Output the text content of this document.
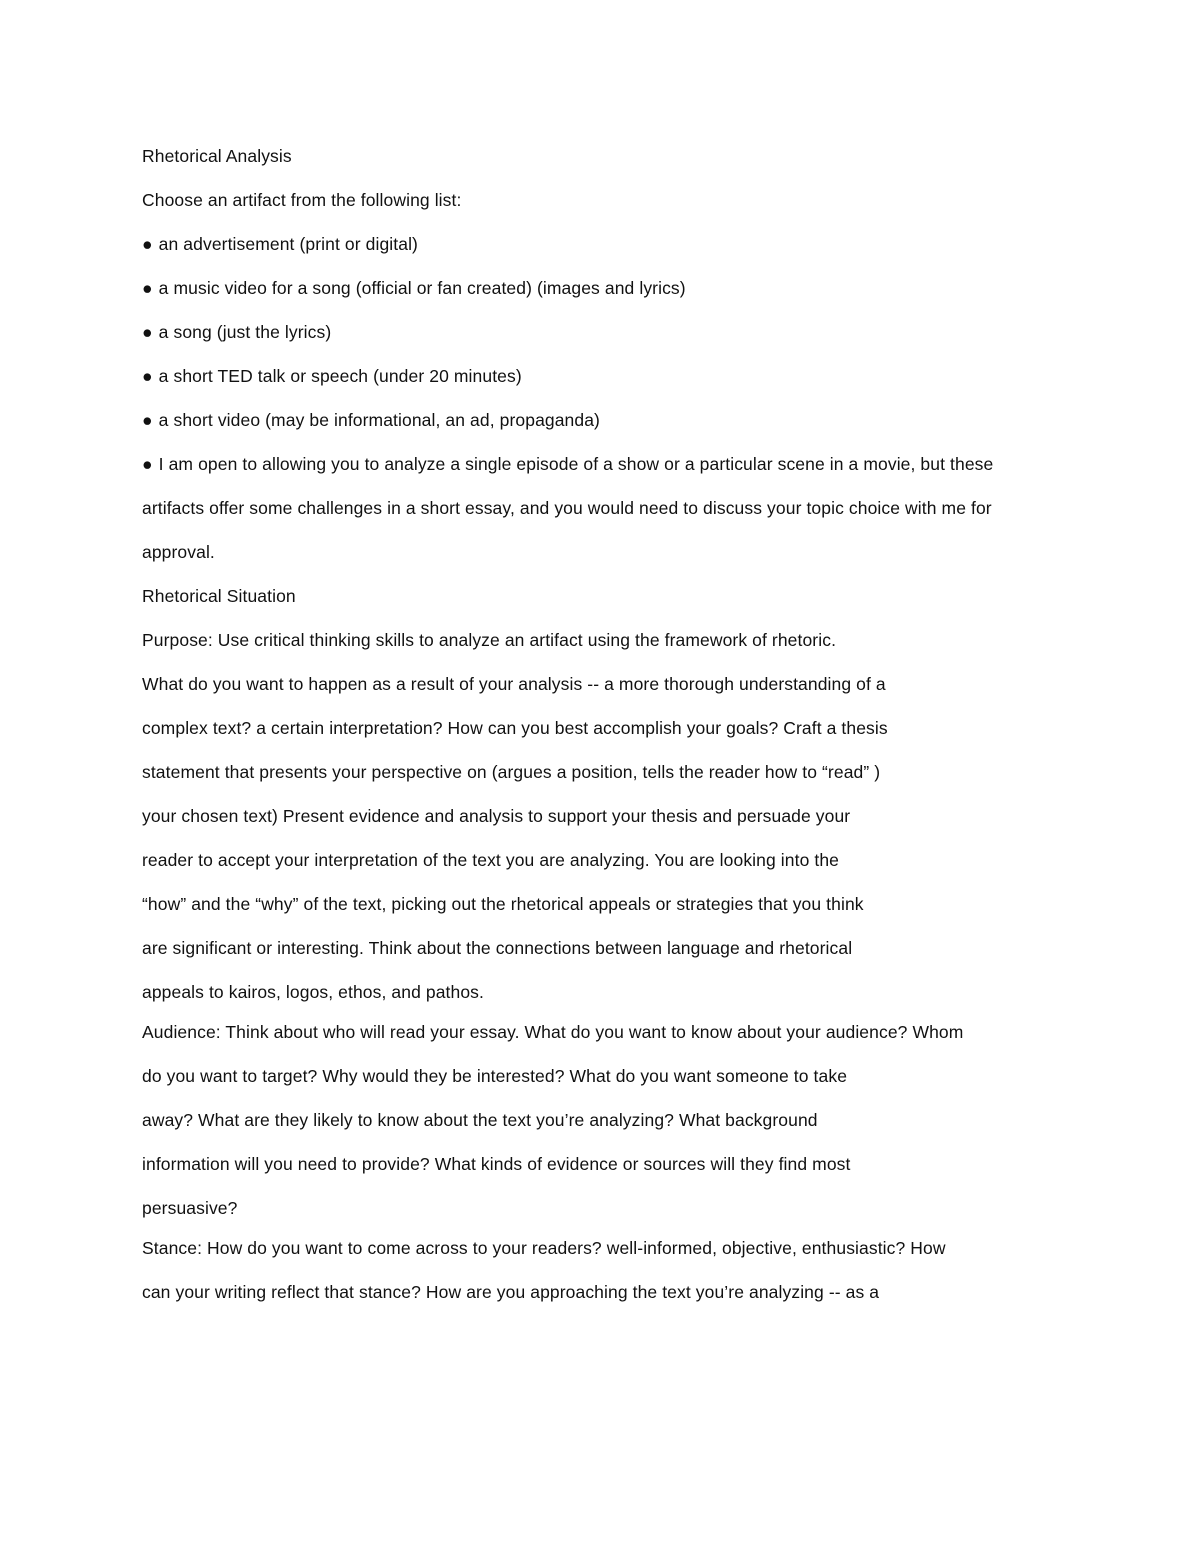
Rhetorical Analysis

Choose an artifact from the following list:

● an advertisement (print or digital)

● a music video for a song (official or fan created) (images and lyrics)

● a song (just the lyrics)

● a short TED talk or speech (under 20 minutes)

● a short video (may be informational, an ad, propaganda)

● I am open to allowing you to analyze a single episode of a show or a particular scene in a movie, but these

artifacts offer some challenges in a short essay, and you would need to discuss your topic choice with me for

approval.

Rhetorical Situation

Purpose: Use critical thinking skills to analyze an artifact using the framework of rhetoric.

What do you want to happen as a result of your analysis -- a more thorough understanding of a

complex text? a certain interpretation? How can you best accomplish your goals? Craft a thesis

statement that presents your perspective on (argues a position, tells the reader how to “read” )

your chosen text) Present evidence and analysis to support your thesis and persuade your

reader to accept your interpretation of the text you are analyzing. You are looking into the

“how” and the “why” of the text, picking out the rhetorical appeals or strategies that you think

are significant or interesting. Think about the connections between language and rhetorical

appeals to kairos, logos, ethos, and pathos.

Audience: Think about who will read your essay. What do you want to know about your audience? Whom

do you want to target? Why would they be interested? What do you want someone to take

away? What are they likely to know about the text you’re analyzing? What background

information will you need to provide? What kinds of evidence or sources will they find most

persuasive?

Stance: How do you want to come across to your readers? well-informed, objective, enthusiastic? How

can your writing reflect that stance? How are you approaching the text you’re analyzing -- as a
